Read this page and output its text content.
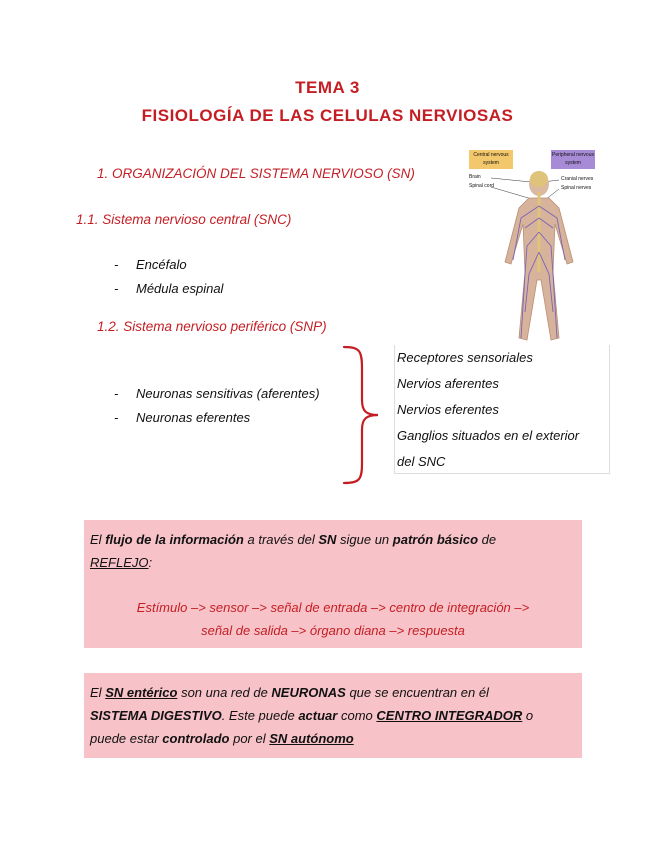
TEMA 3
FISIOLOGÍA DE LAS CELULAS NERVIOSAS
1. ORGANIZACIÓN DEL SISTEMA NERVIOSO (SN)
1.1. Sistema nervioso central (SNC)
- Encéfalo
- Médula espinal
1.2. Sistema nervioso periférico (SNP)
- Neuronas sensitivas (aferentes)
- Neuronas eferentes
Receptores sensoriales
Nervios aferentes
Nervios eferentes
Ganglios situados en el exterior
del SNC
Central nervous system
Peripheral nervous system
Brain
Spinal cord
Cranial nerves
Spinal nerves
El flujo de la información a través del SN sigue un patrón básico de
REFLEJO:
Estímulo –> sensor –> señal de entrada –> centro de integración –>
señal de salida –> órgano diana –> respuesta
El SN entérico son una red de NEURONAS que se encuentran en él
SISTEMA DIGESTIVO. Este puede actuar como CENTRO INTEGRADOR o
puede estar controlado por el SN autónomo
